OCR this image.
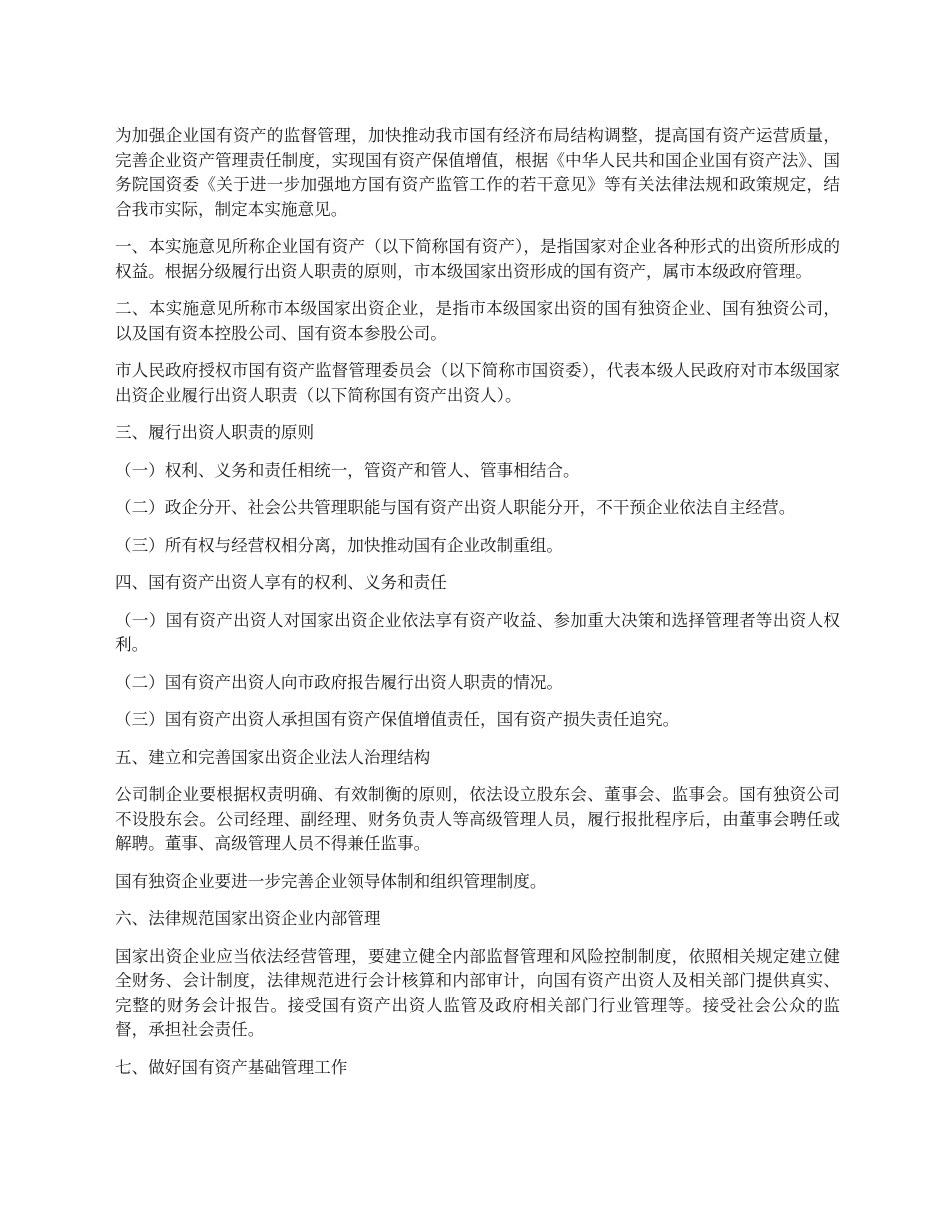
为加强企业国有资产的监督管理，加快推动我市国有经济布局结构调整，提高国有资产运营质量，完善企业资产管理责任制度，实现国有资产保值增值，根据《中华人民共和国企业国有资产法》、国务院国资委《关于进一步加强地方国有资产监管工作的若干意见》等有关法律法规和政策规定，结合我市实际，制定本实施意见。

一、本实施意见所称企业国有资产（以下简称国有资产），是指国家对企业各种形式的出资所形成的权益。根据分级履行出资人职责的原则，市本级国家出资形成的国有资产，属市本级政府管理。

二、本实施意见所称市本级国家出资企业，是指市本级国家出资的国有独资企业、国有独资公司，以及国有资本控股公司、国有资本参股公司。

市人民政府授权市国有资产监督管理委员会（以下简称市国资委），代表本级人民政府对市本级国家出资企业履行出资人职责（以下简称国有资产出资人）。

三、履行出资人职责的原则

（一）权利、义务和责任相统一，管资产和管人、管事相结合。

（二）政企分开、社会公共管理职能与国有资产出资人职能分开，不干预企业依法自主经营。

（三）所有权与经营权相分离，加快推动国有企业改制重组。

四、国有资产出资人享有的权利、义务和责任

（一）国有资产出资人对国家出资企业依法享有资产收益、参加重大决策和选择管理者等出资人权利。

（二）国有资产出资人向市政府报告履行出资人职责的情况。

（三）国有资产出资人承担国有资产保值增值责任，国有资产损失责任追究。

五、建立和完善国家出资企业法人治理结构

公司制企业要根据权责明确、有效制衡的原则，依法设立股东会、董事会、监事会。国有独资公司不设股东会。公司经理、副经理、财务负责人等高级管理人员，履行报批程序后，由董事会聘任或解聘。董事、高级管理人员不得兼任监事。

国有独资企业要进一步完善企业领导体制和组织管理制度。

六、法律规范国家出资企业内部管理

国家出资企业应当依法经营管理，要建立健全内部监督管理和风险控制制度，依照相关规定建立健全财务、会计制度，法律规范进行会计核算和内部审计，向国有资产出资人及相关部门提供真实、完整的财务会计报告。接受国有资产出资人监管及政府相关部门行业管理等。接受社会公众的监督，承担社会责任。

七、做好国有资产基础管理工作
